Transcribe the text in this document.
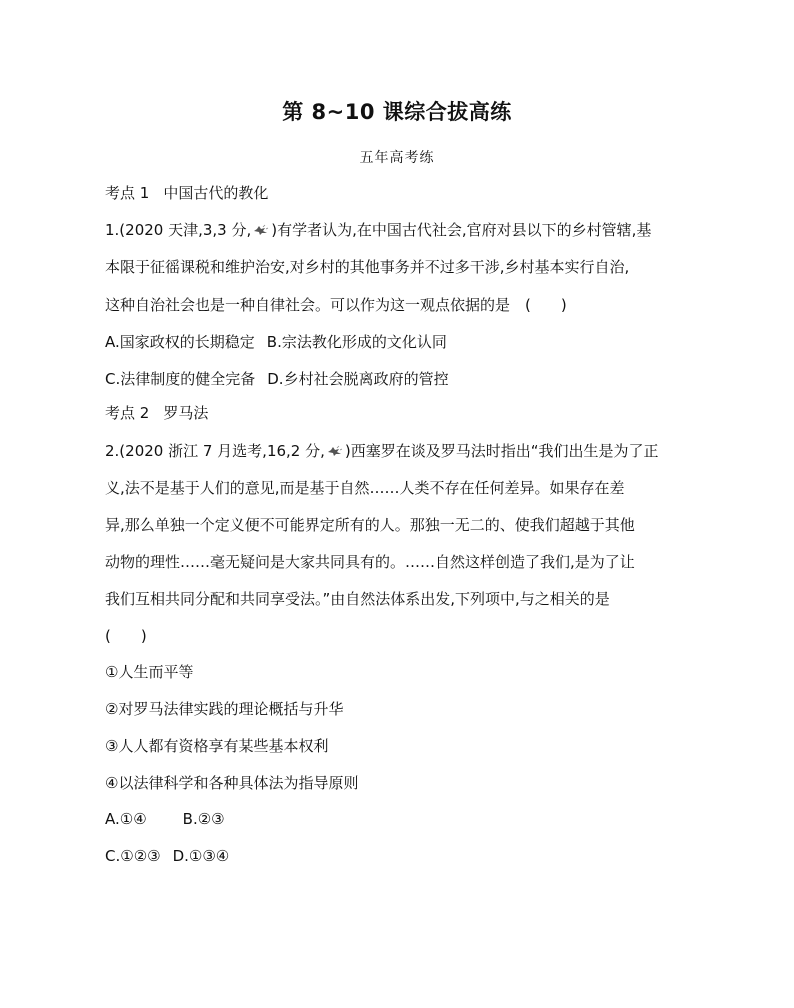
第 8~10 课综合拔高练
五年高考练
考点 1 中国古代的教化
1.(2020 天津,3,3 分, )有学者认为,在中国古代社会,官府对县以下的乡村管辖,基
本限于征徭课税和维护治安,对乡村的其他事务并不过多干涉,乡村基本实行自治,
这种自治社会也是一种自律社会。可以作为这一观点依据的是　(　　)
A.国家政权的长期稳定 B.宗法教化形成的文化认同
C.法律制度的健全完备 D.乡村社会脱离政府的管控
考点 2 罗马法
2.(2020 浙江 7 月选考,16,2 分, )西塞罗在谈及罗马法时指出“我们出生是为了正
义,法不是基于人们的意见,而是基于自然……人类不存在任何差异。如果存在差
异,那么单独一个定义便不可能界定所有的人。那独一无二的、使我们超越于其他
动物的理性……毫无疑问是大家共同具有的。……自然这样创造了我们,是为了让
我们互相共同分配和共同享受法。”由自然法体系出发,下列项中,与之相关的是
(　　)
①人生而平等
②对罗马法律实践的理论概括与升华
③人人都有资格享有某些基本权利
④以法律科学和各种具体法为指导原则
A.①④ B.②③
C.①②③ D.①③④
